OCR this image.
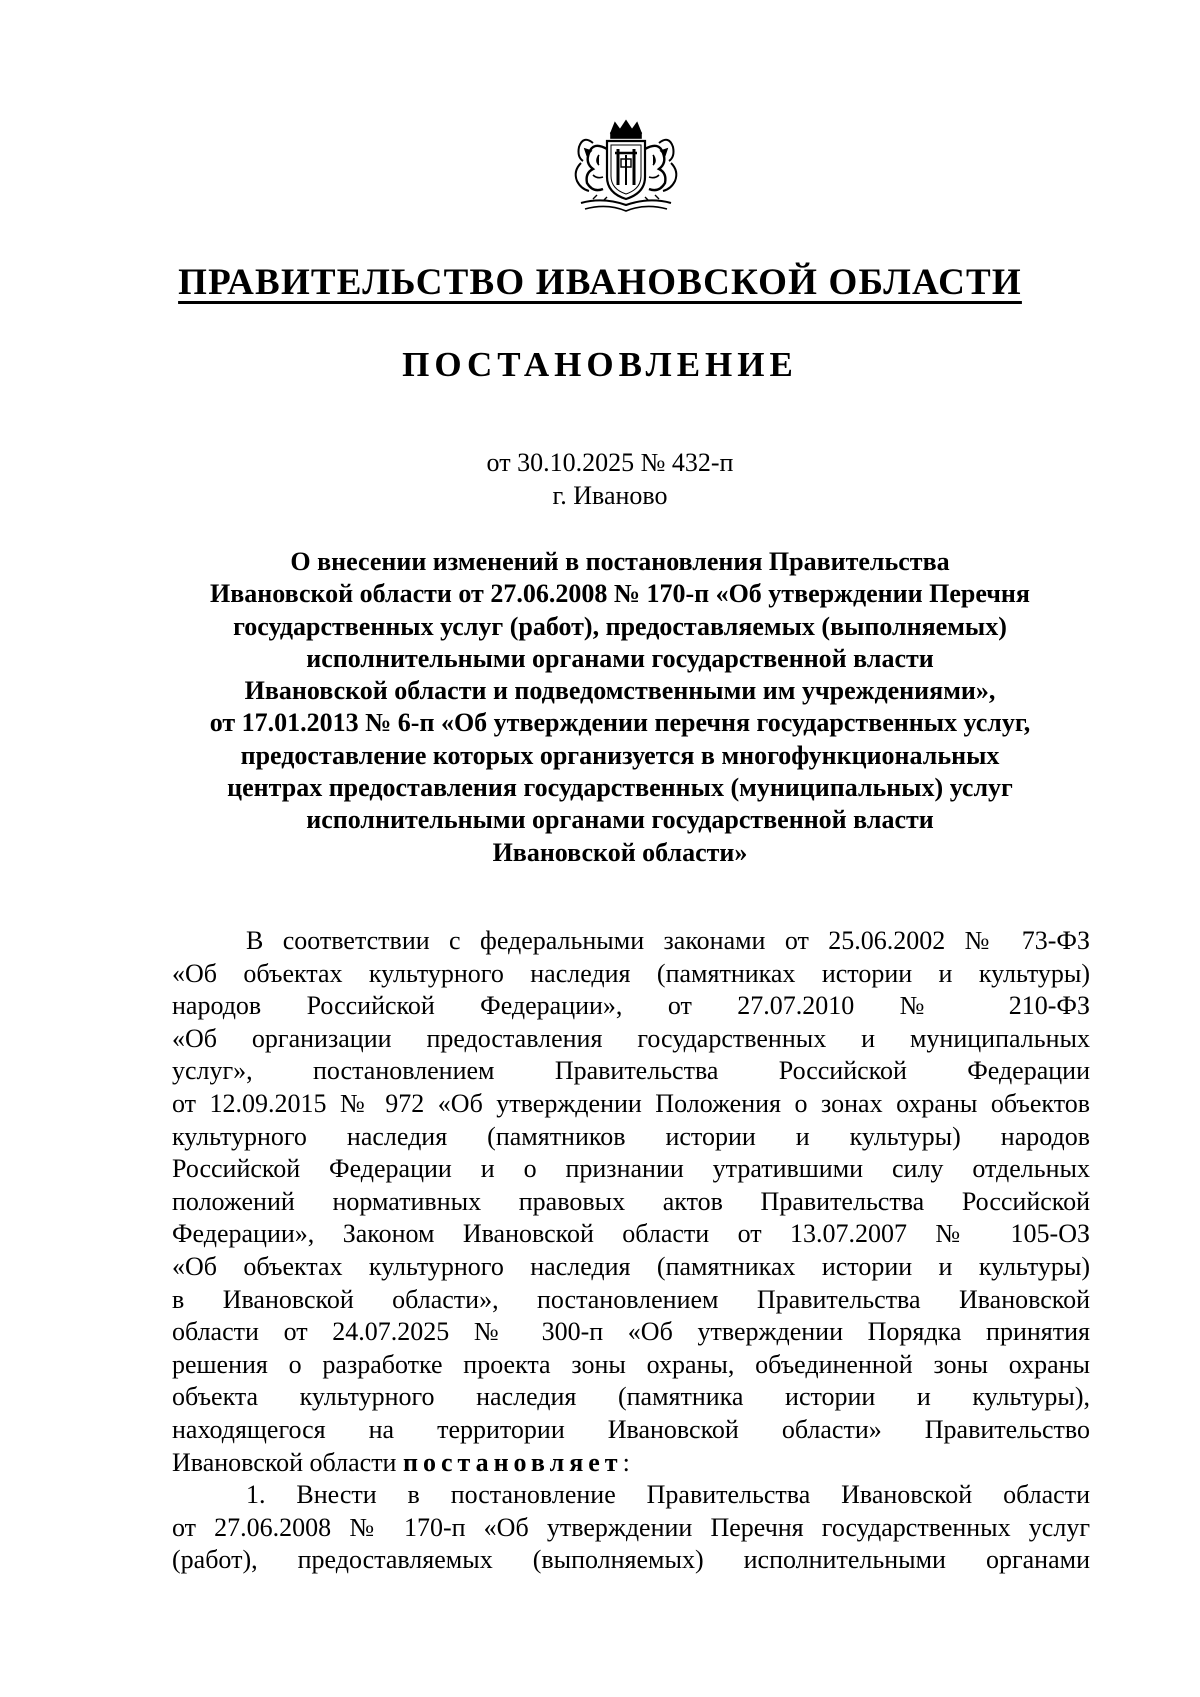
ПРАВИТЕЛЬСТВО ИВАНОВСКОЙ ОБЛАСТИ
ПОСТАНОВЛЕНИЕ
от 30.10.2025 № 432-п
г. Иваново
О внесении изменений в постановления Правительства
Ивановской области от 27.06.2008 № 170-п «Об утверждении Перечня
государственных услуг (работ), предоставляемых (выполняемых)
исполнительными органами государственной власти
Ивановской области и подведомственными им учреждениями»,
от 17.01.2013 № 6-п «Об утверждении перечня государственных услуг,
предоставление которых организуется в многофункциональных
центрах предоставления государственных (муниципальных) услуг
исполнительными органами государственной власти
Ивановской области»
В соответствии с федеральными законами от 25.06.2002 № 73-ФЗ
«Об объектах культурного наследия (памятниках истории и культуры)
народов Российской Федерации», от 27.07.2010 № 210-ФЗ
«Об организации предоставления государственных и муниципальных
услуг», постановлением Правительства Российской Федерации
от 12.09.2015 № 972 «Об утверждении Положения о зонах охраны объектов
культурного наследия (памятников истории и культуры) народов
Российской Федерации и о признании утратившими силу отдельных
положений нормативных правовых актов Правительства Российской
Федерации», Законом Ивановской области от 13.07.2007 № 105-ОЗ
«Об объектах культурного наследия (памятниках истории и культуры)
в Ивановской области», постановлением Правительства Ивановской
области от 24.07.2025 № 300-п «Об утверждении Порядка принятия
решения о разработке проекта зоны охраны, объединенной зоны охраны
объекта культурного наследия (памятника истории и культуры),
находящегося на территории Ивановской области» Правительство
Ивановской области постановляет:
1. Внести в постановление Правительства Ивановской области
от 27.06.2008 № 170-п «Об утверждении Перечня государственных услуг
(работ), предоставляемых (выполняемых) исполнительными органами
